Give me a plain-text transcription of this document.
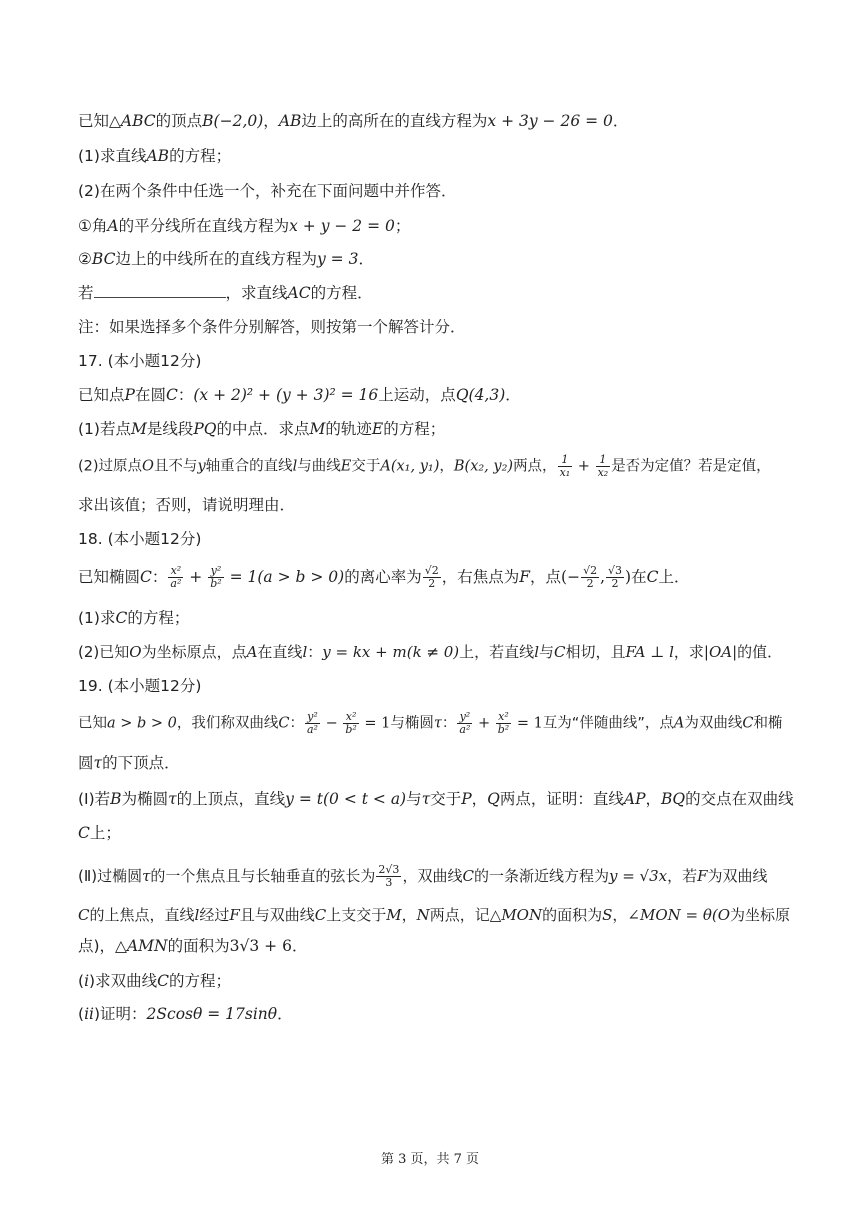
已知△ABC的顶点B(−2,0)，AB边上的高所在的直线方程为x + 3y − 26 = 0．
(1)求直线AB的方程；
(2)在两个条件中任选一个，补充在下面问题中并作答．
①角A的平分线所在直线方程为x + y − 2 = 0；
②BC边上的中线所在的直线方程为y = 3．
若	，求直线AC的方程．
注：如果选择多个条件分别解答，则按第一个解答计分．
17. (本小题12分)
已知点P在圆C：(x + 2)² + (y + 3)² = 16上运动，点Q(4,3)．
(1)若点M是线段PQ的中点．求点M的轨迹E的方程；
(2)过原点O且不与y轴重合的直线l与曲线E交于A(x₁, y₁)，B(x₂, y₂)两点， $\frac{1}{\text{x₁}} + \frac{1}{\text{x₂}}$ 是否为定值？若是定值，
求出该值；否则，请说明理由．
18. (本小题12分)
已知椭圆C： $\frac{\text{x²}}{\text{a²}} + \frac{\text{y²}}{\text{b²}} = 1(a > b > 0)$的离心率为 $\frac{√2}{2}$ ，右焦点为F，点(− $\frac{√2}{2}$ , $\frac{√3}{2}$ )在C上．
(1)求C的方程；
(2)已知O为坐标原点，点A在直线l：y = kx + m(k ≠ 0)上，若直线l与C相切，且FA ⊥ l，求|OA|的值．
19. (本小题12分)
已知a > b > 0，我们称双曲线C： $\frac{\text{y²}}{\text{a²}} - \frac{\text{x²}}{\text{b²}} = 1$与椭圆τ： $\frac{\text{y²}}{\text{a²}} + \frac{\text{x²}}{\text{b²}} = 1$互为“伴随曲线”，点A为双曲线C和椭
圆τ的下顶点．
(Ⅰ)若B为椭圆τ的上顶点，直线y = t(0 < t < a)与τ交于P，Q两点，证明：直线AP，BQ的交点在双曲线
C上；
(Ⅱ)过椭圆τ的一个焦点且与长轴垂直的弦长为 $\frac{2√3}{3}$ ，双曲线C的一条渐近线方程为y = √3x，若F为双曲线
C的上焦点，直线l经过F且与双曲线C上支交于M，N两点，记△MON的面积为S，∠MON = θ(O为坐标原
点)，△AMN的面积为3√3 + 6．
(i)求双曲线C的方程；
(ii)证明：2Scosθ = 17sinθ．
第 3 页，共 7 页
